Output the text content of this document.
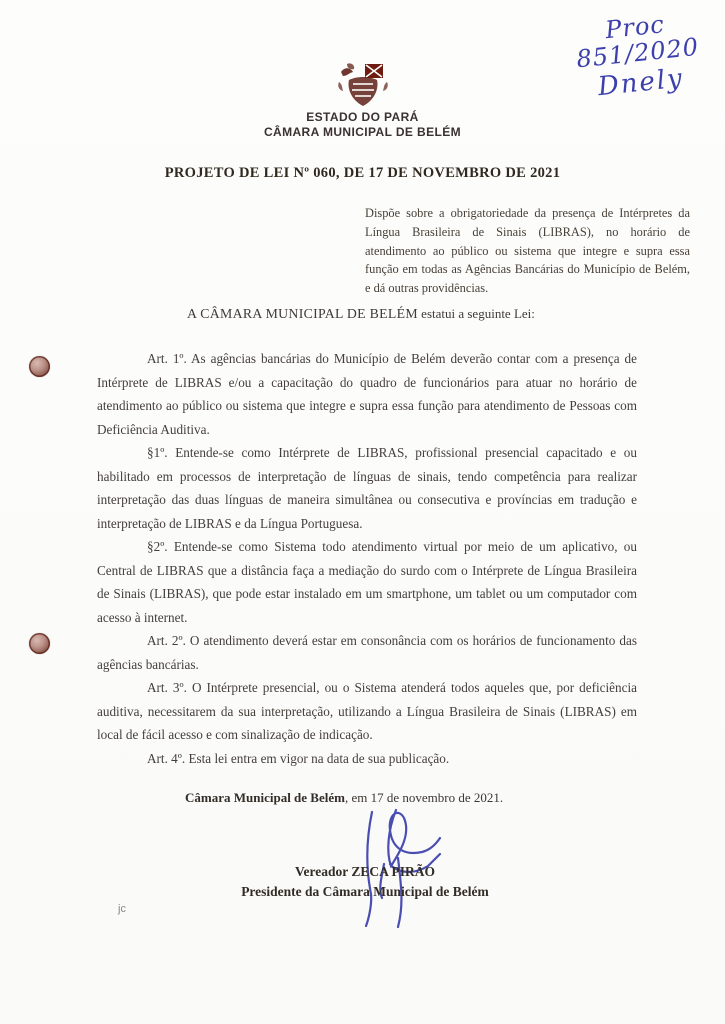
Proc 851/2020
Dnely
ESTADO DO PARÁ
CÂMARA MUNICIPAL DE BELÉM
PROJETO DE LEI Nº 060, DE 17 DE NOVEMBRO DE 2021
Dispõe sobre a obrigatoriedade da presença de Intérpretes da Língua Brasileira de Sinais (LIBRAS), no horário de atendimento ao público ou sistema que integre e supra essa função em todas as Agências Bancárias do Município de Belém, e dá outras providências.
A CÂMARA MUNICIPAL DE BELÉM estatui a seguinte Lei:

Art. 1º. As agências bancárias do Município de Belém deverão contar com a presença de Intérprete de LIBRAS e/ou a capacitação do quadro de funcionários para atuar no horário de atendimento ao público ou sistema que integre e supra essa função para atendimento de Pessoas com Deficiência Auditiva.

§1º. Entende-se como Intérprete de LIBRAS, profissional presencial capacitado e ou habilitado em processos de interpretação de línguas de sinais, tendo competência para realizar interpretação das duas línguas de maneira simultânea ou consecutiva e províncias em tradução e interpretação de LIBRAS e da Língua Portuguesa.

§2º. Entende-se como Sistema todo atendimento virtual por meio de um aplicativo, ou Central de LIBRAS que a distância faça a mediação do surdo com o Intérprete de Língua Brasileira de Sinais (LIBRAS), que pode estar instalado em um smartphone, um tablet ou um computador com acesso à internet.

Art. 2º. O atendimento deverá estar em consonância com os horários de funcionamento das agências bancárias.

Art. 3º. O Intérprete presencial, ou o Sistema atenderá todos aqueles que, por deficiência auditiva, necessitarem da sua interpretação, utilizando a Língua Brasileira de Sinais (LIBRAS) em local de fácil acesso e com sinalização de indicação.

Art. 4º. Esta lei entra em vigor na data de sua publicação.

Câmara Municipal de Belém, em 17 de novembro de 2021.
Vereador ZECA PIRÃO
Presidente da Câmara Municipal de Belém
jc
